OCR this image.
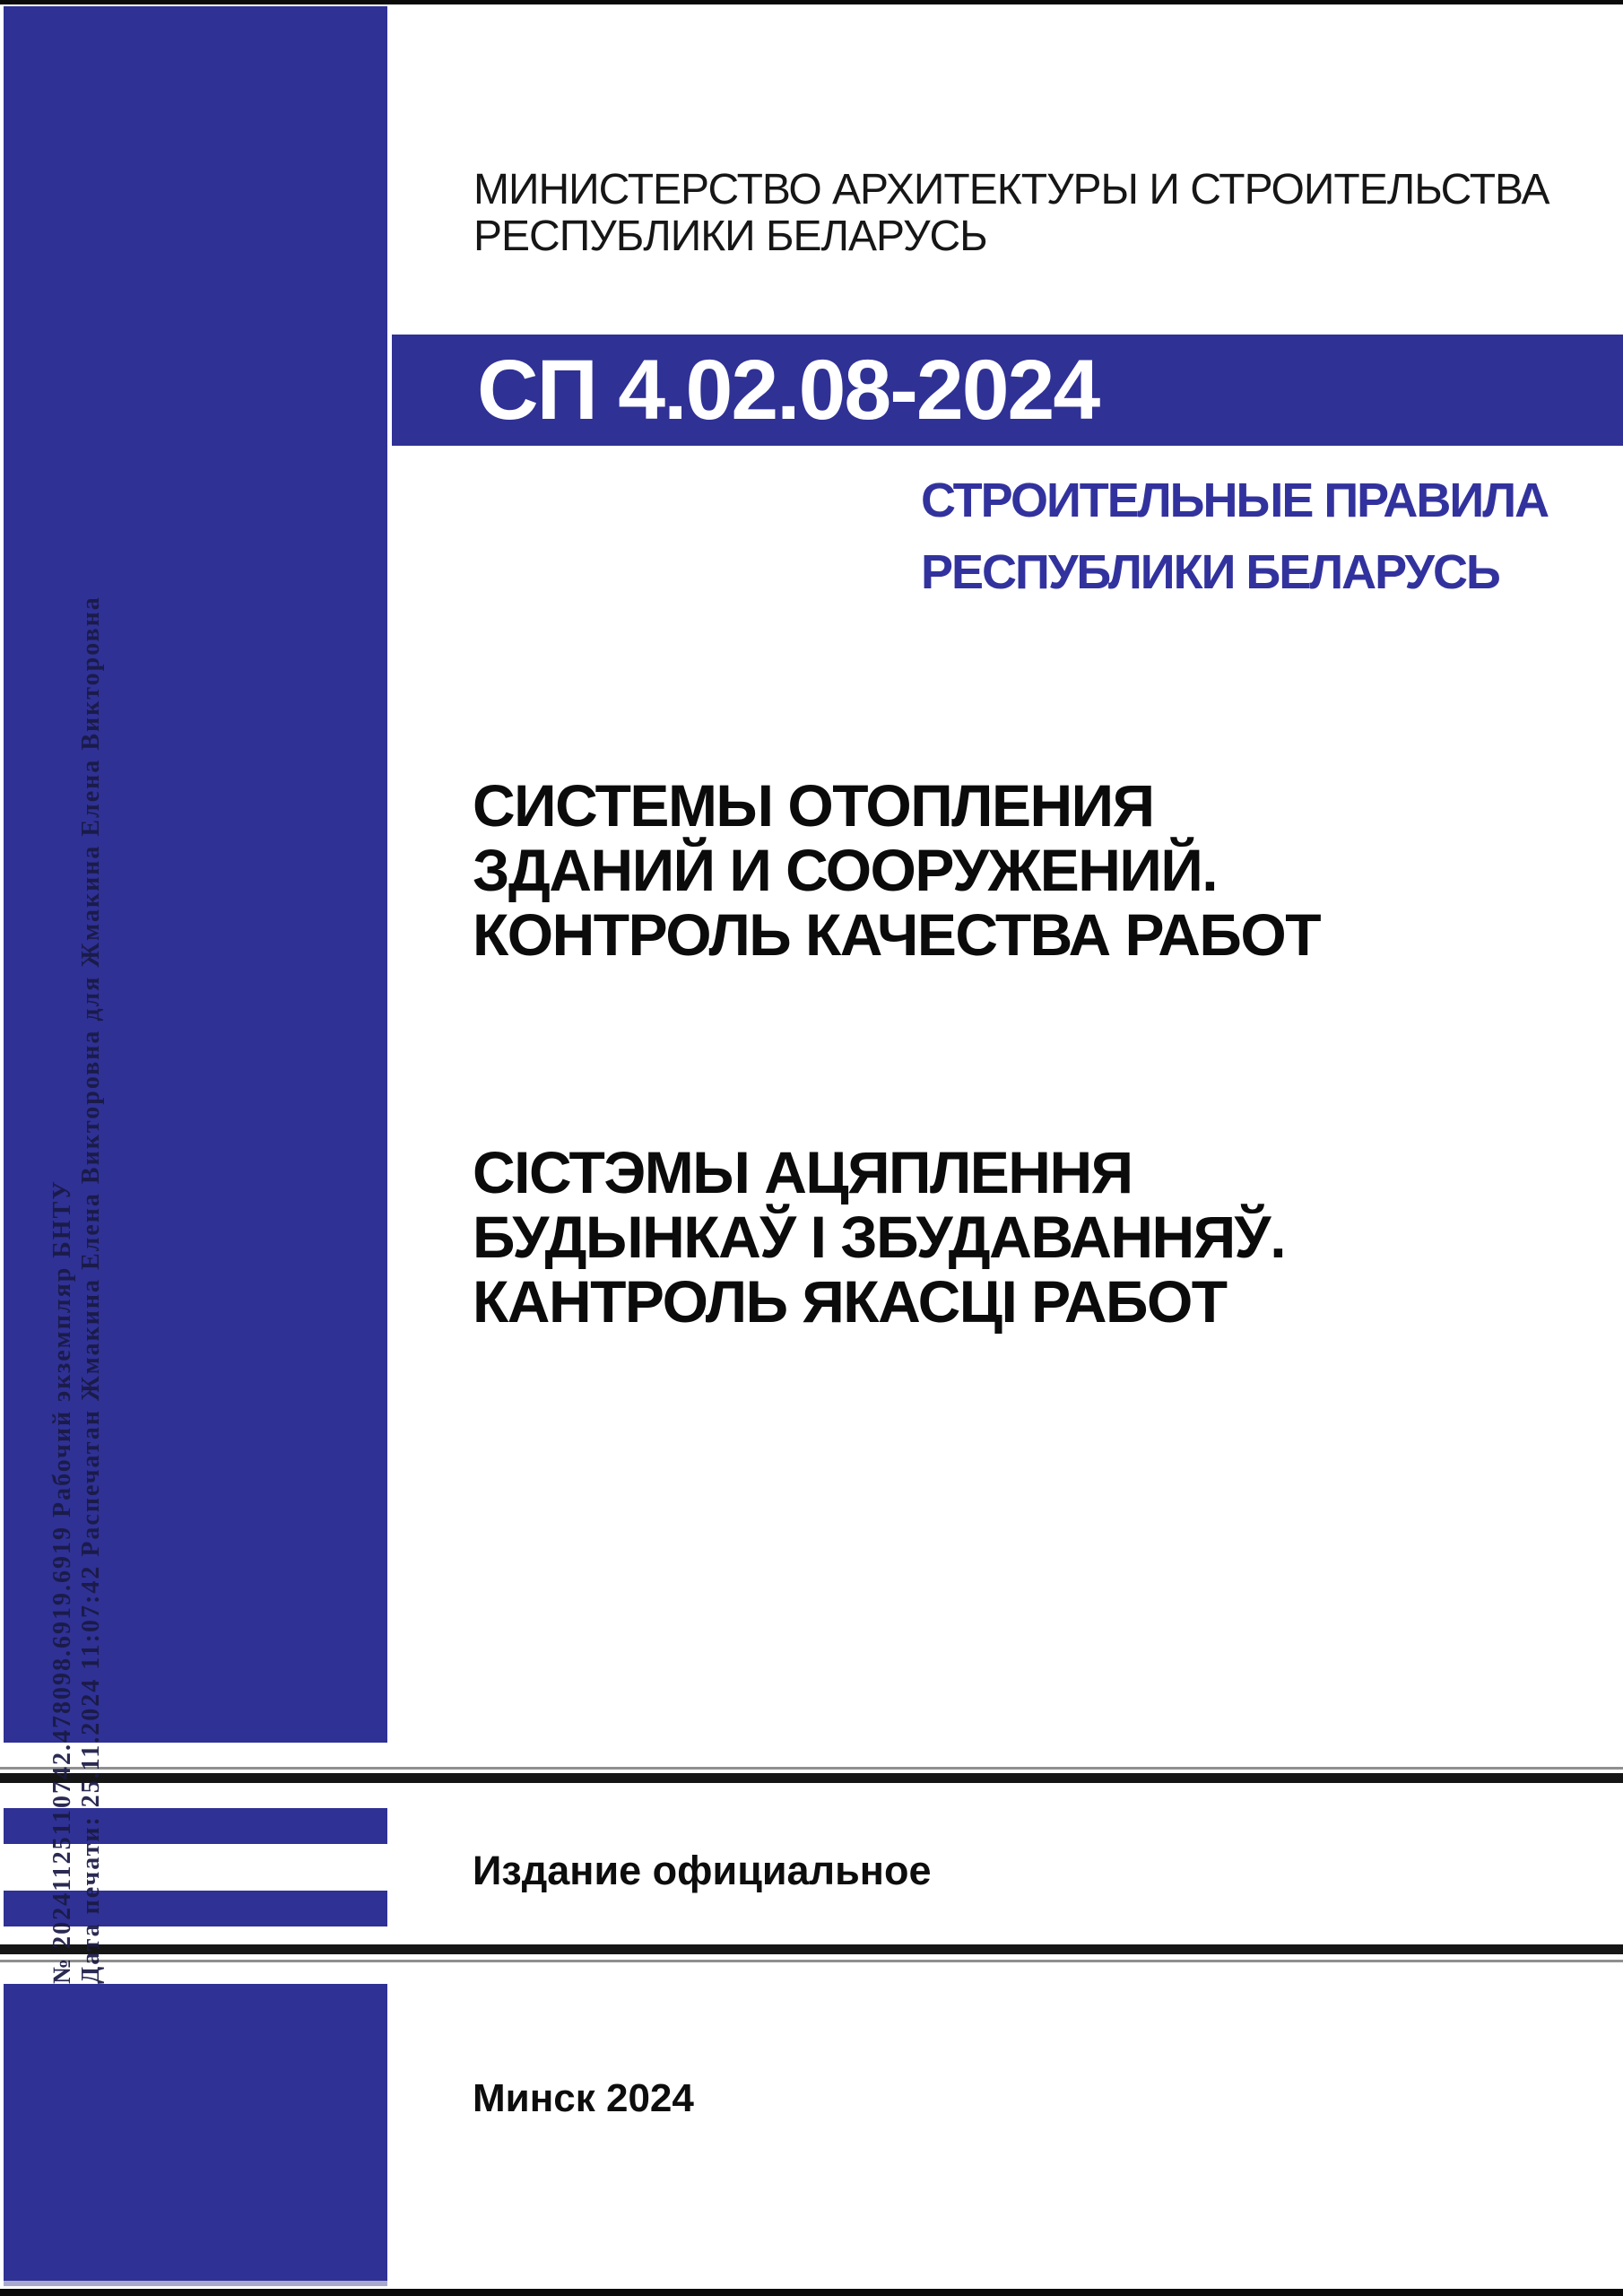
МИНИСТЕРСТВО АРХИТЕКТУРЫ И СТРОИТЕЛЬСТВА
РЕСПУБЛИКИ БЕЛАРУСЬ
СП 4.02.08-2024
СТРОИТЕЛЬНЫЕ ПРАВИЛА
РЕСПУБЛИКИ БЕЛАРУСЬ
СИСТЕМЫ ОТОПЛЕНИЯ
ЗДАНИЙ И СООРУЖЕНИЙ.
КОНТРОЛЬ КАЧЕСТВА РАБОТ
СІСТЭМЫ АЦЯПЛЕННЯ
БУДЫНКАЎ І ЗБУДАВАННЯЎ.
КАНТРОЛЬ ЯКАСЦІ РАБОТ
Издание официальное
Минск 2024
№ 20241125110742.478098.6919.6919 Рабочий экземпляр БНТУ Дата печати: 25.11.2024 11:07:42 Распечатан Жмакина Елена Викторовна для Жмакина Елена Викторовна
